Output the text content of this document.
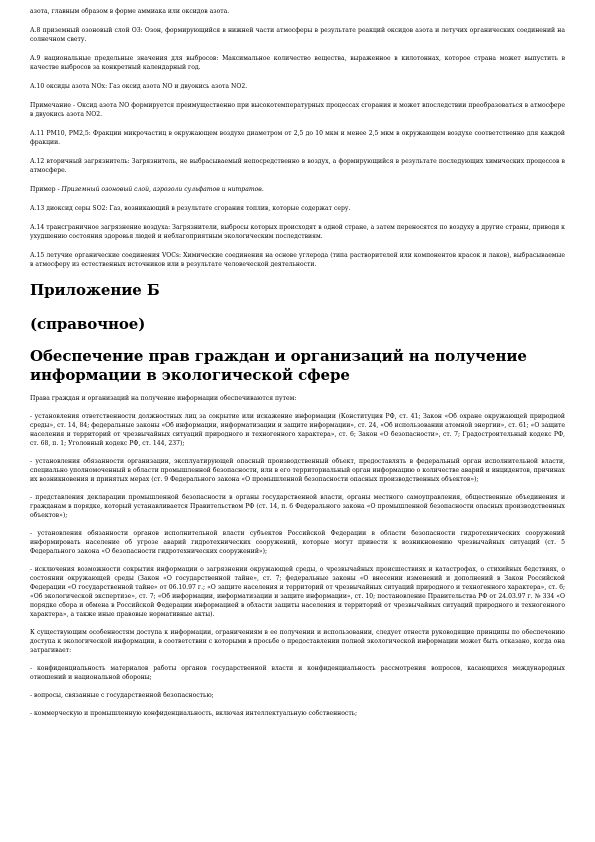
азота, главным образом в форме аммиака или оксидов азота.

А.8 приземный озоновый слой О3: Озон, формирующийся в нижней части атмосферы в результате реакций оксидов азота и летучих органических соединений на солнечном свету.

А.9 национальные предельные значения для выбросов: Максимальное количество вещества, выраженное в килотоннах, которое страна может выпустить в качестве выбросов за конкретный календарный год.

А.10 оксиды азота NOх: Газ оксид азота NO и двуокись азота NO2.

Примечание - Оксид азота NO формируется преимущественно при высокотемпературных процессах сгорания и может впоследствии преобразоваться в атмосфере в двуокись азота NO2.

А.11 РМ10, РМ2,5: Фракции микрочастиц в окружающем воздухе диаметром от 2,5 до 10 мкм и менее 2,5 мкм в окружающем воздухе соответственно для каждой фракции.

А.12 вторичный загрязнитель: Загрязнитель, не выбрасываемый непосредственно в воздух, а формирующийся в результате последующих химических процессов в атмосфере.

Пример - Приземный озоновый слой, аэрозоли сульфатов и нитратов.

А.13 диоксид серы SO2: Газ, возникающий в результате сгорания топлив, которые содержат серу.

А.14 трансграничное загрязнение воздуха: Загрязнители, выбросы которых происходят в одной стране, а затем переносятся по воздуху в другие страны, приводя к ухудшению состояния здоровья людей и неблагоприятным экологическим последствиям.

А.15 летучие органические соединения VOCs: Химические соединения на основе углерода (типа растворителей или компонентов красок и лаков), выбрасываемые в атмосферу из естественных источников или в результате человеческой деятельности.

Приложение Б
(справочное)
Обеспечение прав граждан и организаций на получение информации в экологической сфере

Права граждан и организаций на получение информации обеспечиваются путем:

- установления ответственности должностных лиц за сокрытие или искажение информации (Конституция РФ, ст. 41; Закон «Об охране окружающей природной среды», ст. 14, 84; федеральные законы «Об информации, информатизации и защите информации», ст. 24, «Об использовании атомной энергии», ст. 61; «О защите населения и территорий от чрезвычайных ситуаций природного и техногенного характера», ст. 6; Закон «О безопасности», ст. 7; Градостроительный кодекс РФ, ст. 68, п. 1; Уголовный кодекс РФ, ст. 144, 237);

- установления обязанности организации, эксплуатирующей опасный производственный объект, предоставлять в федеральный орган исполнительной власти, специально уполномоченный в области промышленной безопасности, или в его территориальный орган информацию о количестве аварий и инцидентов, причинах их возникновения и принятых мерах (ст. 9 Федерального закона «О промышленной безопасности опасных производственных объектов»);

- представления декларации промышленной безопасности в органы государственной власти, органы местного самоуправления, общественные объединения и гражданам в порядке, который устанавливается Правительством РФ (ст. 14, п. 6 Федерального закона «О промышленной безопасности опасных производственных объектов»);

- установления обязанности органов исполнительной власти субъектов Российской Федерации в области безопасности гидротехнических сооружений информировать население об угрозе аварий гидротехнических сооружений, которые могут привести к возникновению чрезвычайных ситуаций (ст. 5 Федерального закона «О безопасности гидротехнических сооружений»);

- исключения возможности сокрытия информации о загрязнении окружающей среды, о чрезвычайных происшествиях и катастрофах, о стихийных бедствиях, о состоянии окружающей среды (Закон «О государственной тайне», ст. 7; федеральные законы «О внесении изменений и дополнений в Закон Российской Федерации «О государственной тайне» от 06.10.97 г.; «О защите населения и территорий от чрезвычайных ситуаций природного и техногенного характера», ст. 6; «Об экологической экспертизе», ст. 7; «Об информации, информатизации и защите информации», ст. 10; постановление Правительства РФ от 24.03.97 г. № 334 «О порядке сбора и обмена в Российской Федерации информацией в области защиты населения и территорий от чрезвычайных ситуаций природного и техногенного характера», а также иные правовые нормативные акты).

К существующим особенностям доступа к информации, ограничениям в ее получении и использовании, следует отнести руководящие принципы по обеспечению доступа к экологической информации, в соответствии с которыми в просьбе о предоставлении полной экологической информации может быть отказано, когда она затрагивает:

- конфиденциальность материалов работы органов государственной власти и конфиденциальность рассмотрения вопросов, касающихся международных отношений и национальной обороны;

- вопросы, связанные с государственной безопасностью;

- коммерческую и промышленную конфиденциальность, включая интеллектуальную собственность;
